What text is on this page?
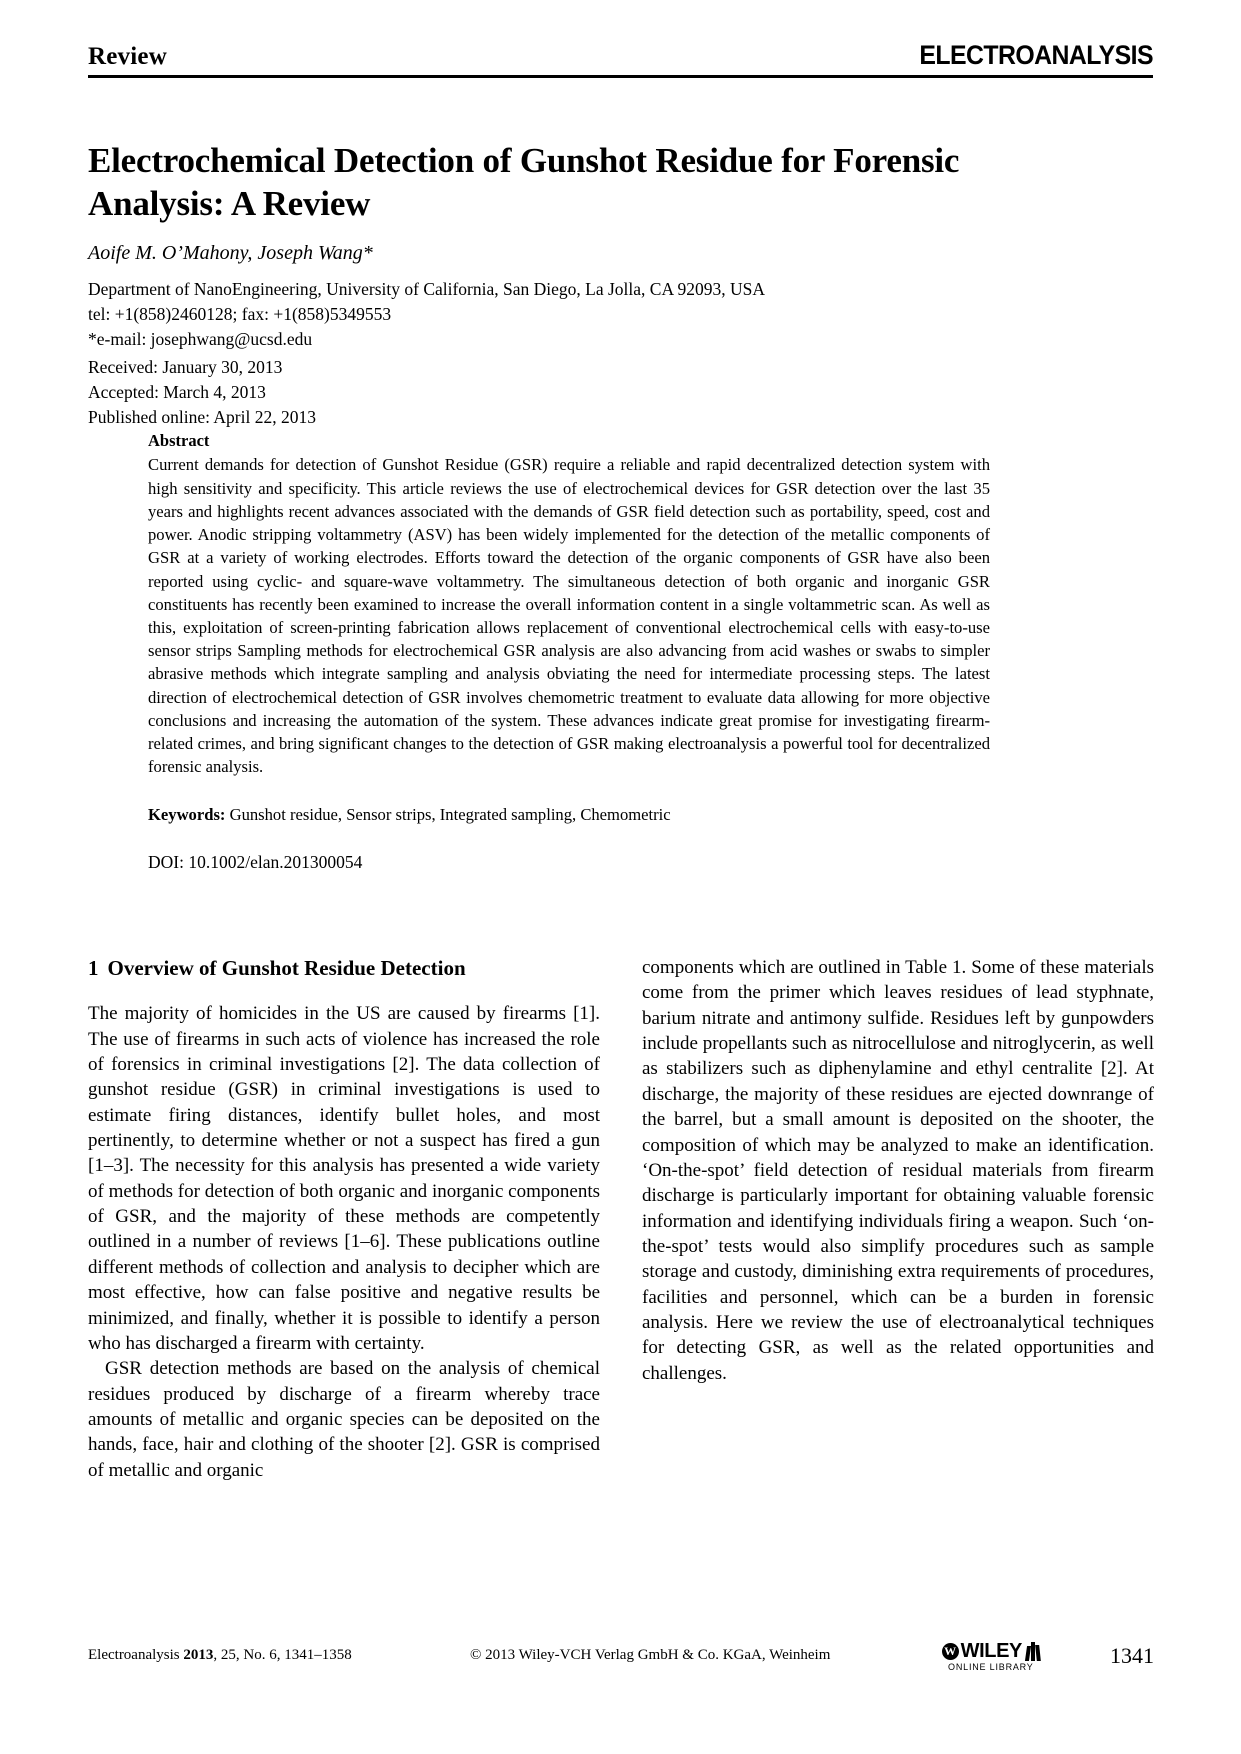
Review	ELECTROANALYSIS
Electrochemical Detection of Gunshot Residue for Forensic Analysis: A Review
Aoife M. O’Mahony, Joseph Wang*
Department of NanoEngineering, University of California, San Diego, La Jolla, CA 92093, USA
tel: +1(858)2460128; fax: +1(858)5349553
*e-mail: josephwang@ucsd.edu
Received: January 30, 2013
Accepted: March 4, 2013
Published online: April 22, 2013
Abstract
Current demands for detection of Gunshot Residue (GSR) require a reliable and rapid decentralized detection system with high sensitivity and specificity. This article reviews the use of electrochemical devices for GSR detection over the last 35 years and highlights recent advances associated with the demands of GSR field detection such as portability, speed, cost and power. Anodic stripping voltammetry (ASV) has been widely implemented for the detection of the metallic components of GSR at a variety of working electrodes. Efforts toward the detection of the organic components of GSR have also been reported using cyclic- and square-wave voltammetry. The simultaneous detection of both organic and inorganic GSR constituents has recently been examined to increase the overall information content in a single voltammetric scan. As well as this, exploitation of screen-printing fabrication allows replacement of conventional electrochemical cells with easy-to-use sensor strips Sampling methods for electrochemical GSR analysis are also advancing from acid washes or swabs to simpler abrasive methods which integrate sampling and analysis obviating the need for intermediate processing steps. The latest direction of electrochemical detection of GSR involves chemometric treatment to evaluate data allowing for more objective conclusions and increasing the automation of the system. These advances indicate great promise for investigating firearm-related crimes, and bring significant changes to the detection of GSR making electroanalysis a powerful tool for decentralized forensic analysis.
Keywords: Gunshot residue, Sensor strips, Integrated sampling, Chemometric
DOI: 10.1002/elan.201300054
1 Overview of Gunshot Residue Detection

The majority of homicides in the US are caused by firearms [1]. The use of firearms in such acts of violence has increased the role of forensics in criminal investigations [2]. The data collection of gunshot residue (GSR) in criminal investigations is used to estimate firing distances, identify bullet holes, and most pertinently, to determine whether or not a suspect has fired a gun [1–3]. The necessity for this analysis has presented a wide variety of methods for detection of both organic and inorganic components of GSR, and the majority of these methods are competently outlined in a number of reviews [1–6]. These publications outline different methods of collection and analysis to decipher which are most effective, how can false positive and negative results be minimized, and finally, whether it is possible to identify a person who has discharged a firearm with certainty.

GSR detection methods are based on the analysis of chemical residues produced by discharge of a firearm whereby trace amounts of metallic and organic species can be deposited on the hands, face, hair and clothing of the shooter [2]. GSR is comprised of metallic and organic

components which are outlined in Table 1. Some of these materials come from the primer which leaves residues of lead styphnate, barium nitrate and antimony sulfide. Residues left by gunpowders include propellants such as nitrocellulose and nitroglycerin, as well as stabilizers such as diphenylamine and ethyl centralite [2]. At discharge, the majority of these residues are ejected downrange of the barrel, but a small amount is deposited on the shooter, the composition of which may be analyzed to make an identification. ‘On-the-spot’ field detection of residual materials from firearm discharge is particularly important for obtaining valuable forensic information and identifying individuals firing a weapon. Such ‘on-the-spot’ tests would also simplify procedures such as sample storage and custody, diminishing extra requirements of procedures, facilities and personnel, which can be a burden in forensic analysis. Here we review the use of electroanalytical techniques for detecting GSR, as well as the related opportunities and challenges.

Electroanalysis 2013, 25, No. 6, 1341–1358	© 2013 Wiley-VCH Verlag GmbH & Co. KGaA, Weinheim	W WILEY
ONLINE LIBRARY	1341
